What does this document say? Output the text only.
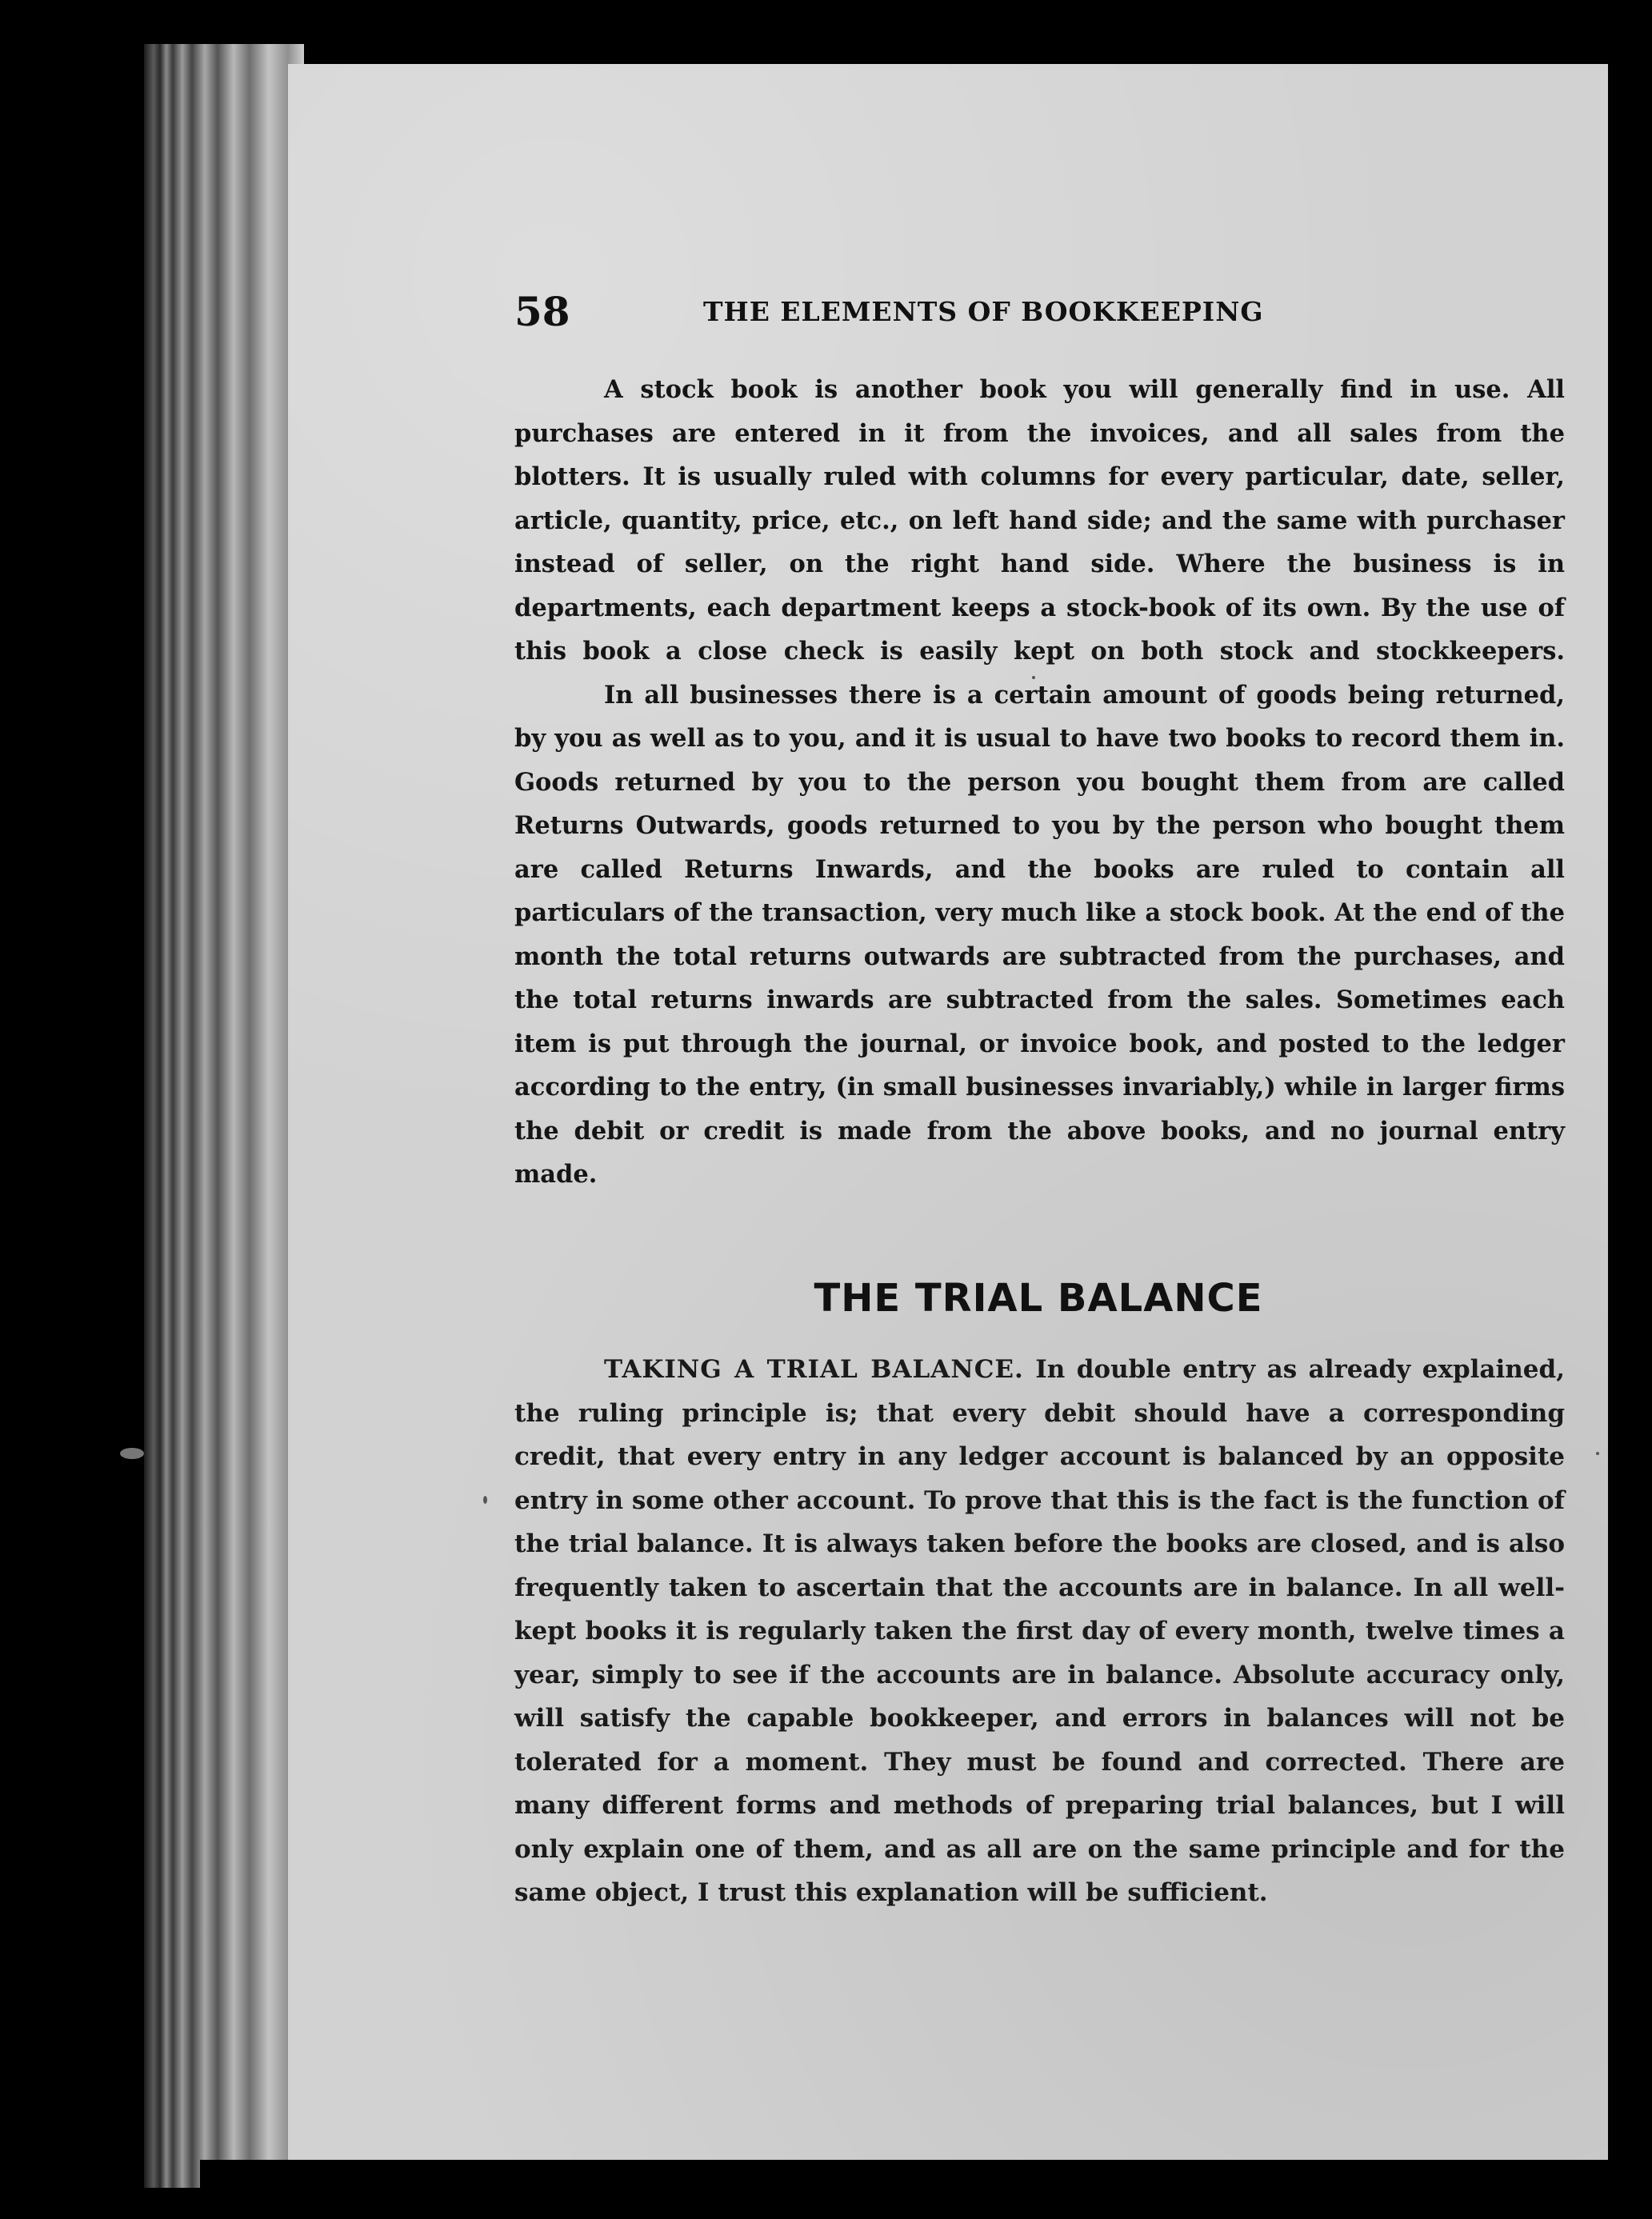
58	THE ELEMENTS OF BOOKKEEPING

A stock book is another book you will generally find in use. All purchases are entered in it from the invoices, and all sales from the blotters. It is usually ruled with columns for every particular, date, seller, article, quantity, price, etc., on left hand side; and the same with purchaser instead of seller, on the right hand side. Where the business is in departments, each department keeps a stock-book of its own. By the use of this book a close check is easily kept on both stock and stockkeepers.

In all businesses there is a certain amount of goods being returned, by you as well as to you, and it is usual to have two books to record them in. Goods returned by you to the person you bought them from are called Returns Outwards, goods returned to you by the person who bought them are called Returns Inwards, and the books are ruled to contain all particulars of the transaction, very much like a stock book. At the end of the month the total returns outwards are subtracted from the purchases, and the total returns inwards are subtracted from the sales. Sometimes each item is put through the journal, or invoice book, and posted to the ledger according to the entry, (in small businesses invariably,) while in larger firms the debit or credit is made from the above books, and no journal entry made.

THE TRIAL BALANCE

TAKING A TRIAL BALANCE. In double entry as already explained, the ruling principle is; that every debit should have a corresponding credit, that every entry in any ledger account is balanced by an opposite entry in some other account. To prove that this is the fact is the function of the trial balance. It is always taken before the books are closed, and is also frequently taken to ascertain that the accounts are in balance. In all well-kept books it is regularly taken the first day of every month, twelve times a year, simply to see if the accounts are in balance. Absolute accuracy only, will satisfy the capable bookkeeper, and errors in balances will not be tolerated for a moment. They must be found and corrected. There are many different forms and methods of preparing trial balances, but I will only explain one of them, and as all are on the same principle and for the same object, I trust this explanation will be sufficient.
